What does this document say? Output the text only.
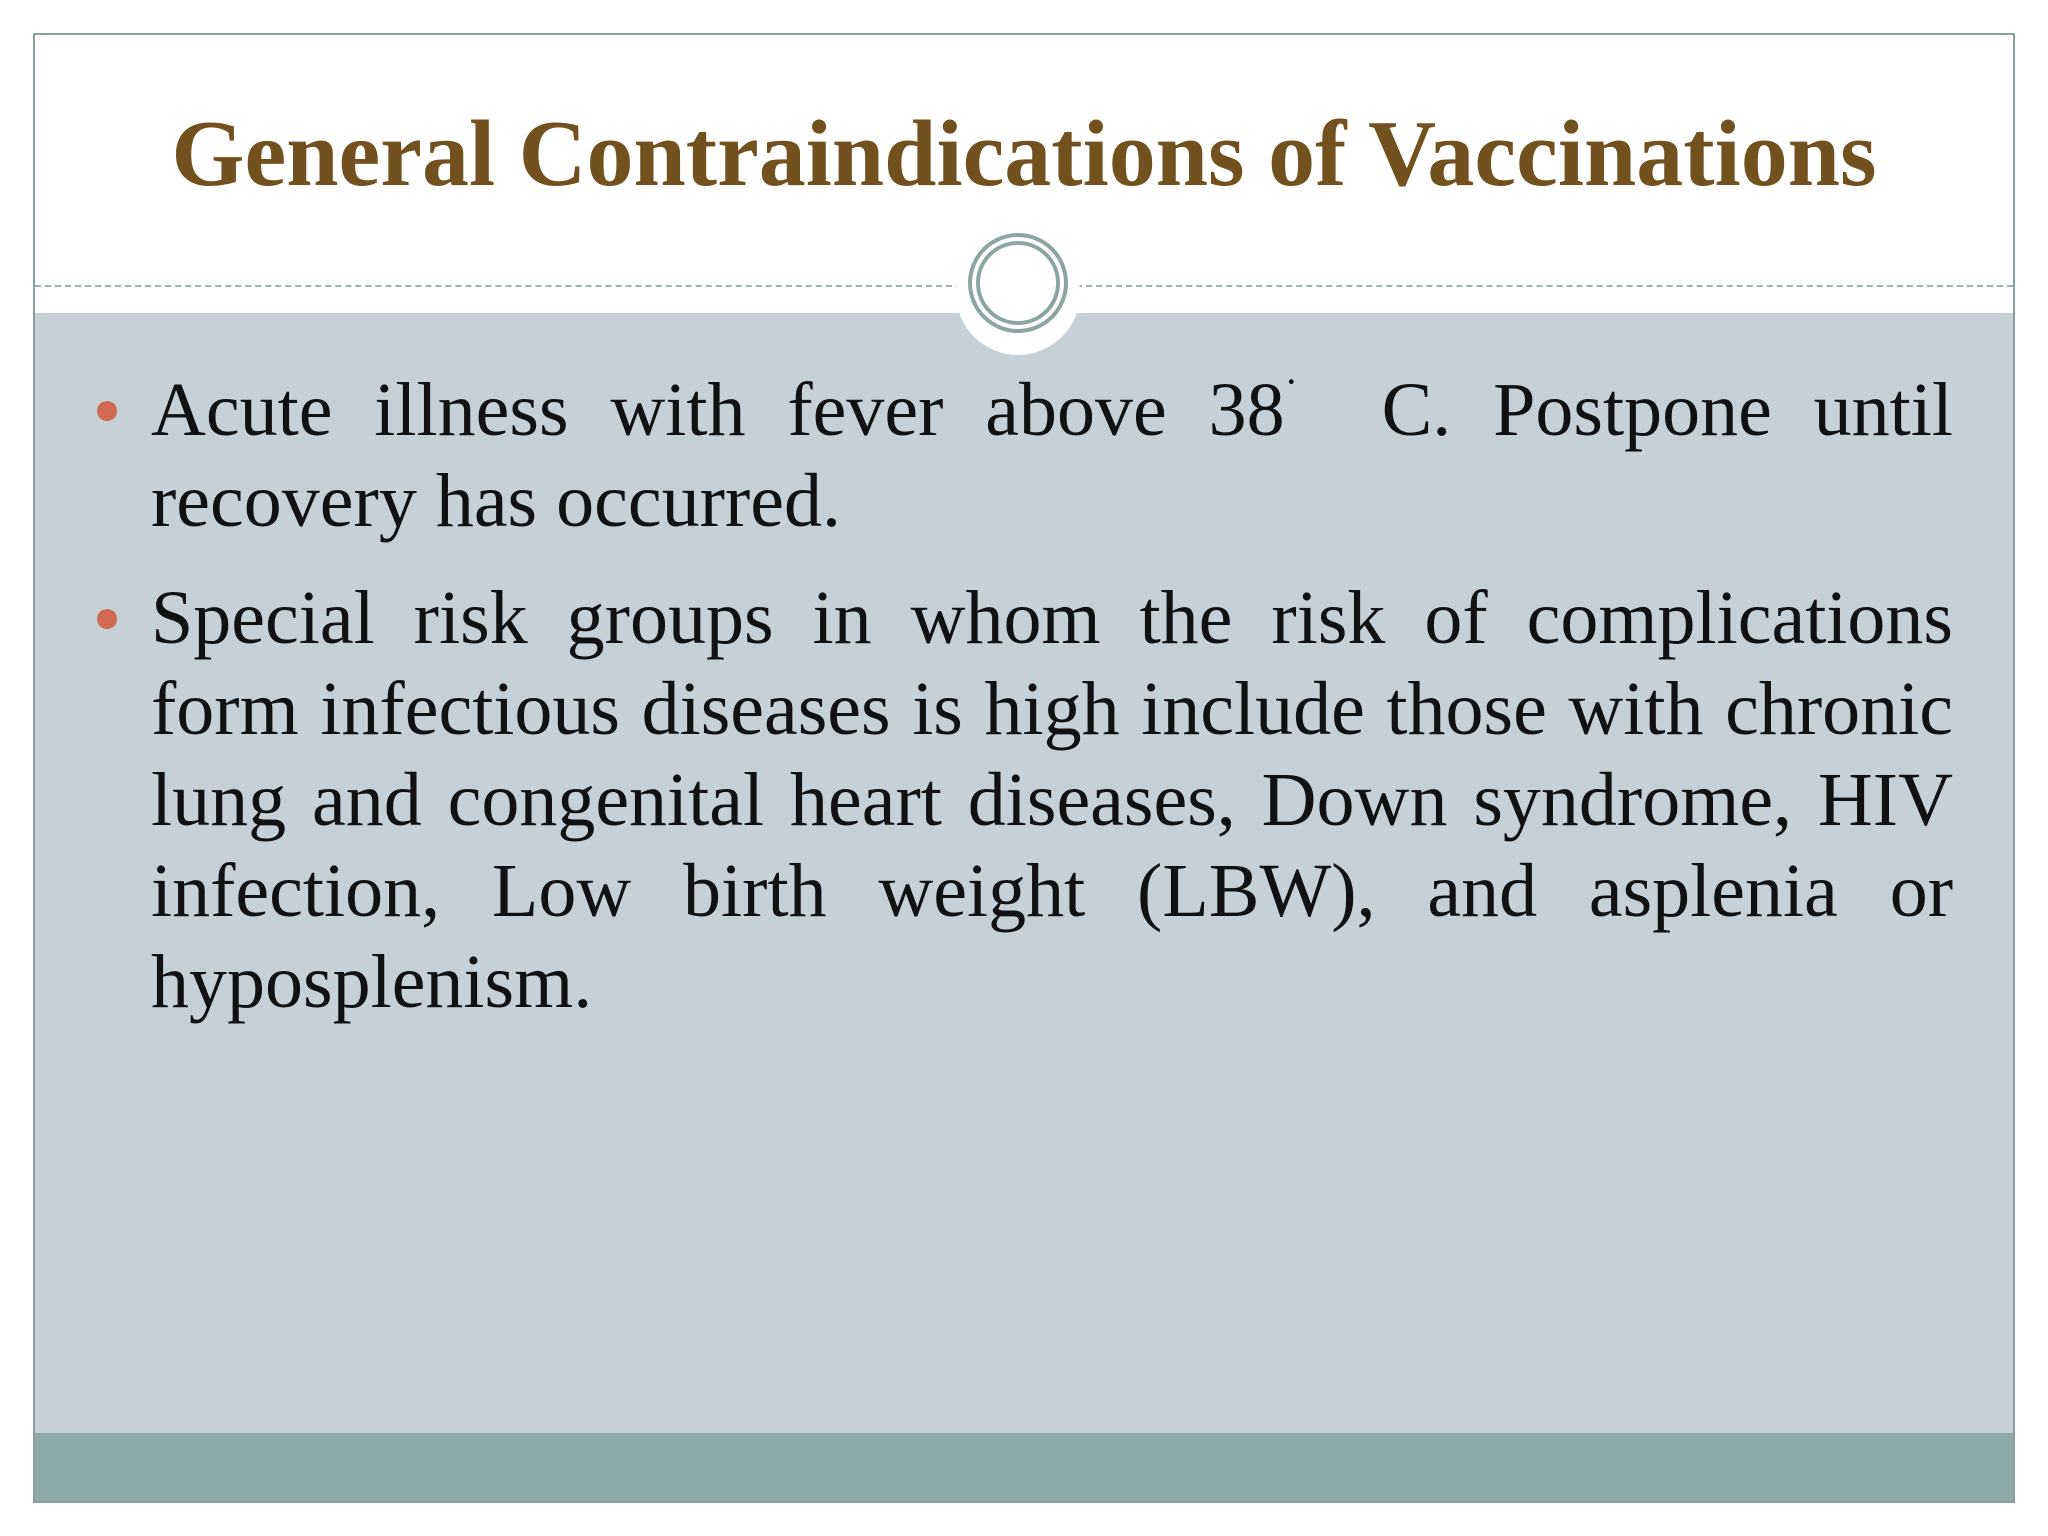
General Contraindications of Vaccinations
Acute illness with fever above 38·  C. Postpone until recovery has occurred.
Special risk groups in whom the risk of complications form infectious diseases is high include those with chronic lung and congenital heart diseases, Down syndrome, HIV infection, Low birth weight (LBW), and asplenia or hyposplenism.
